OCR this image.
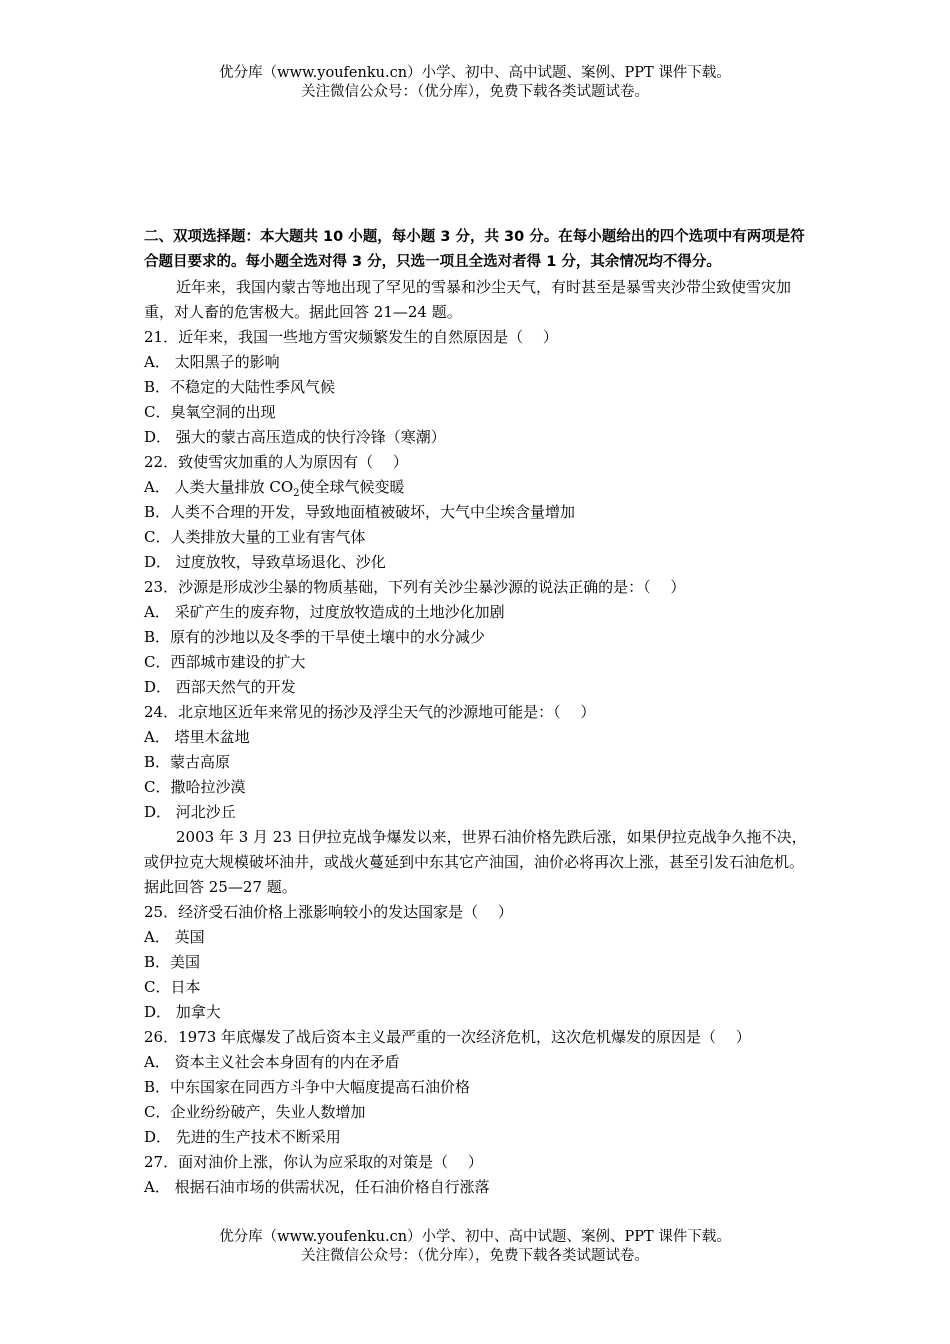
优分库（www.youfenku.cn）小学、初中、高中试题、案例、PPT 课件下载。
关注微信公众号：（优分库），免费下载各类试题试卷。
二、双项选择题：本大题共 10 小题，每小题 3 分，共 30 分。在每小题给出的四个选项中有两项是符合题目要求的。每小题全选对得 3 分，只选一项且全选对者得 1 分，其余情况均不得分。
近年来，我国内蒙古等地出现了罕见的雪暴和沙尘天气，有时甚至是暴雪夹沙带尘致使雪灾加重，对人畜的危害极大。据此回答 21—24 题。
21．近年来，我国一些地方雪灾频繁发生的自然原因是（　 ）
A． 太阳黑子的影响
B．不稳定的大陆性季风气候
C．臭氧空洞的出现
D． 强大的蒙古高压造成的快行冷锋（寒潮）
22．致使雪灾加重的人为原因有（　 ）
A． 人类大量排放 $CO_2$使全球气候变暖
B．人类不合理的开发，导致地面植被破坏，大气中尘埃含量增加
C．人类排放大量的工业有害气体
D． 过度放牧，导致草场退化、沙化
23．沙源是形成沙尘暴的物质基础，下列有关沙尘暴沙源的说法正确的是：（　 ）
A． 采矿产生的废弃物，过度放牧造成的土地沙化加剧
B．原有的沙地以及冬季的干旱使土壤中的水分减少
C．西部城市建设的扩大
D． 西部天然气的开发
24．北京地区近年来常见的扬沙及浮尘天气的沙源地可能是：（　 ）
A． 塔里木盆地
B．蒙古高原
C．撒哈拉沙漠
D． 河北沙丘
2003 年 3 月 23 日伊拉克战争爆发以来，世界石油价格先跌后涨，如果伊拉克战争久拖不决，或伊拉克大规模破坏油井，或战火蔓延到中东其它产油国，油价必将再次上涨，甚至引发石油危机。据此回答 25—27 题。
25．经济受石油价格上涨影响较小的发达国家是（　 ）
A． 英国
B．美国
C．日本
D． 加拿大
26．1973 年底爆发了战后资本主义最严重的一次经济危机，这次危机爆发的原因是（　 ）
A． 资本主义社会本身固有的内在矛盾
B．中东国家在同西方斗争中大幅度提高石油价格
C．企业纷纷破产，失业人数增加
D． 先进的生产技术不断采用
27．面对油价上涨，你认为应采取的对策是（　 ）
A． 根据石油市场的供需状况，任石油价格自行涨落
优分库（www.youfenku.cn）小学、初中、高中试题、案例、PPT 课件下载。
关注微信公众号：（优分库），免费下载各类试题试卷。
